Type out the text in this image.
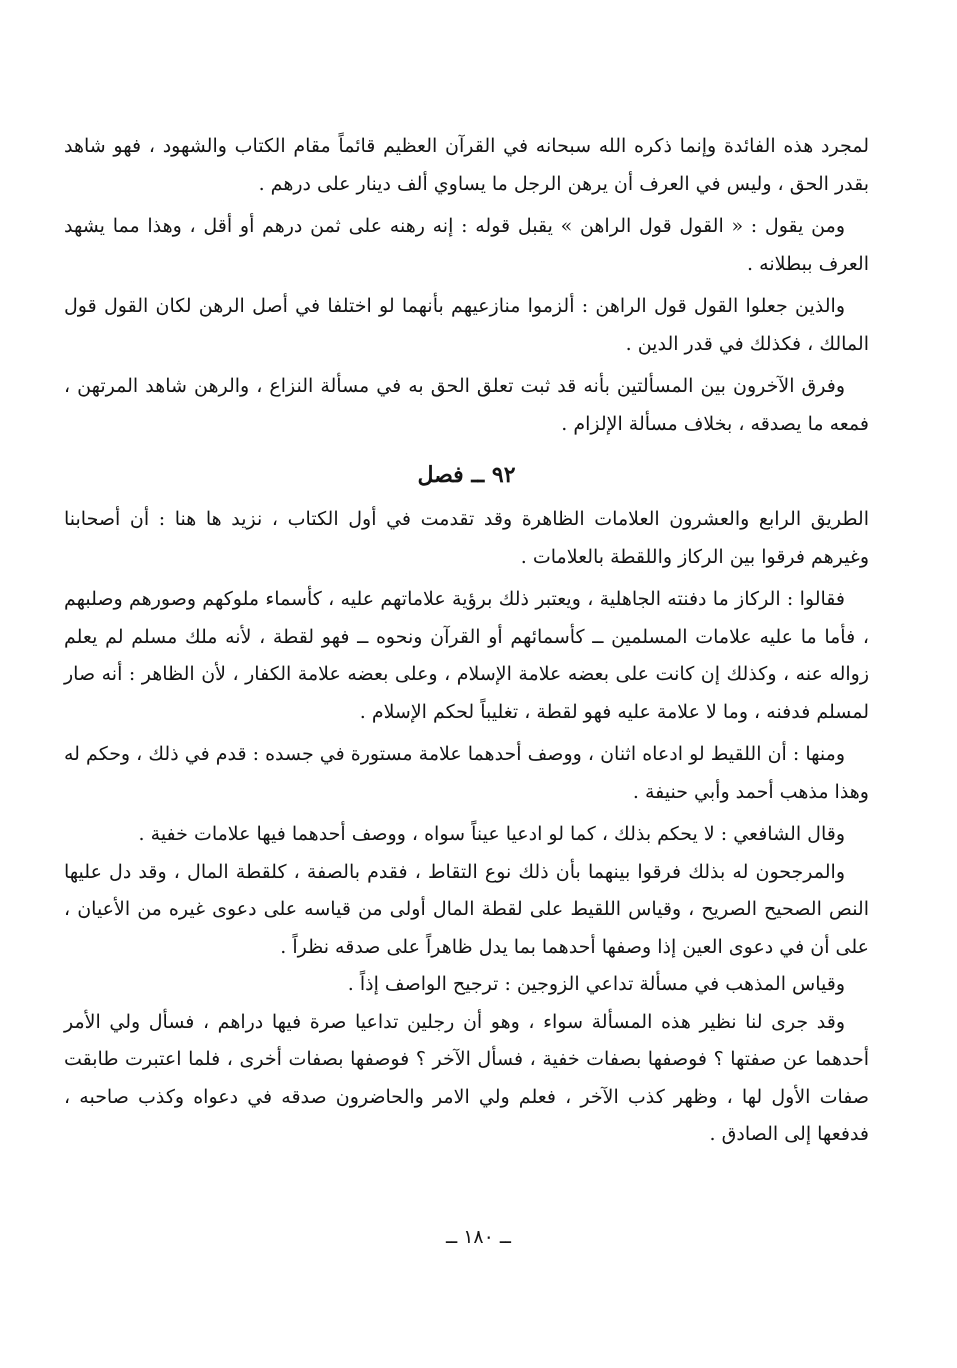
لمجرد هذه الفائدة وإنما ذكره الله سبحانه في القرآن العظيم قائماً مقام الكتاب والشهود ، فهو شاهد بقدر الحق ، وليس في العرف أن يرهن الرجل ما يساوي ألف دينار على درهم .

ومن يقول : « القول قول الراهن » يقبل قوله : إنه رهنه على ثمن درهم أو أقل ، وهذا مما يشهد العرف ببطلانه .

والذين جعلوا القول قول الراهن : ألزموا منازعيهم بأنهما لو اختلفا في أصل الرهن لكان القول قول المالك ، فكذلك في قدر الدين .

وفرق الآخرون بين المسألتين بأنه قد ثبت تعلق الحق به في مسألة النزاع ، والرهن شاهد المرتهن ، فمعه ما يصدقه ، بخلاف مسألة الإلزام .

٩٢ ــ فصل

الطريق الرابع والعشرون العلامات الظاهرة وقد تقدمت في أول الكتاب ، نزيد ها هنا : أن أصحابنا وغيرهم فرقوا بين الركاز واللقطة بالعلامات .

فقالوا : الركاز ما دفنته الجاهلية ، ويعتبر ذلك برؤية علاماتهم عليه ، كأسماء ملوكهم وصورهم وصلبهم ، فأما ما عليه علامات المسلمين ــ كأسمائهم أو القرآن ونحوه ــ فهو لقطة ، لأنه ملك مسلم لم يعلم زواله عنه ، وكذلك إن كانت على بعضه علامة الإسلام ، وعلى بعضه علامة الكفار ، لأن الظاهر : أنه صار لمسلم فدفنه ، وما لا علامة عليه فهو لقطة ، تغليباً لحكم الإسلام .

ومنها : أن اللقيط لو ادعاه اثنان ، ووصف أحدهما علامة مستورة في جسده : قدم في ذلك ، وحكم له وهذا مذهب أحمد وأبي حنيفة .

وقال الشافعي : لا يحكم بذلك ، كما لو ادعيا عيناً سواه ، ووصف أحدهما فيها علامات خفية .

والمرجحون له بذلك فرقوا بينهما بأن ذلك نوع التقاط ، فقدم بالصفة ، كلقطة المال ، وقد دل عليها النص الصحيح الصريح ، وقياس اللقيط على لقطة المال أولى من قياسه على دعوى غيره من الأعيان ، على أن في دعوى العين إذا وصفها أحدهما بما يدل ظاهراً على صدقه نظراً .

وقياس المذهب في مسألة تداعي الزوجين : ترجيح الواصف إذاً .

وقد جرى لنا نظير هذه المسألة سواء ، وهو أن رجلين تداعيا صرة فيها دراهم ، فسأل ولي الأمر أحدهما عن صفتها ؟ فوصفها بصفات خفية ، فسأل الآخر ؟ فوصفها بصفات أخرى ، فلما اعتبرت طابقت صفات الأول لها ، وظهر كذب الآخر ، فعلم ولي الامر والحاضرون صدقه في دعواه وكذب صاحبه ، فدفعها إلى الصادق .

ــ ١٨٠ ــ
